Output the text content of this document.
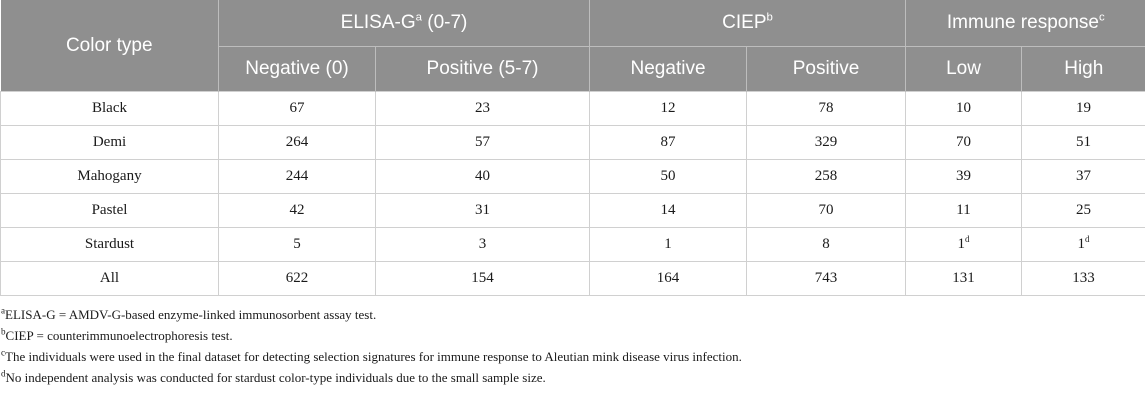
Color type	ELISA-$G^a$ (0-7)		CIEP$^b$		Immune response$^c$
	Negative (0)	Positive (5-7)	Negative	Positive	Low	High
Black	67	23	12	78	10	19
Demi	264	57	87	329	70	51
Mahogany	244	40	50	258	39	37
Pastel	42	31	14	70	11	25
Stardust	5	3	1	8	1$^d$	1$^d$
All	622	154	164	743	131	133
$^a$ELISA-G = AMDV-G-based enzyme-linked immunosorbent assay test.
$^b$CIEP = counterimmunoelectrophoresis test.
$^c$The individuals were used in the final dataset for detecting selection signatures for immune response to Aleutian mink disease virus infection.
$^d$No independent analysis was conducted for stardust color-type individuals due to the small sample size.
